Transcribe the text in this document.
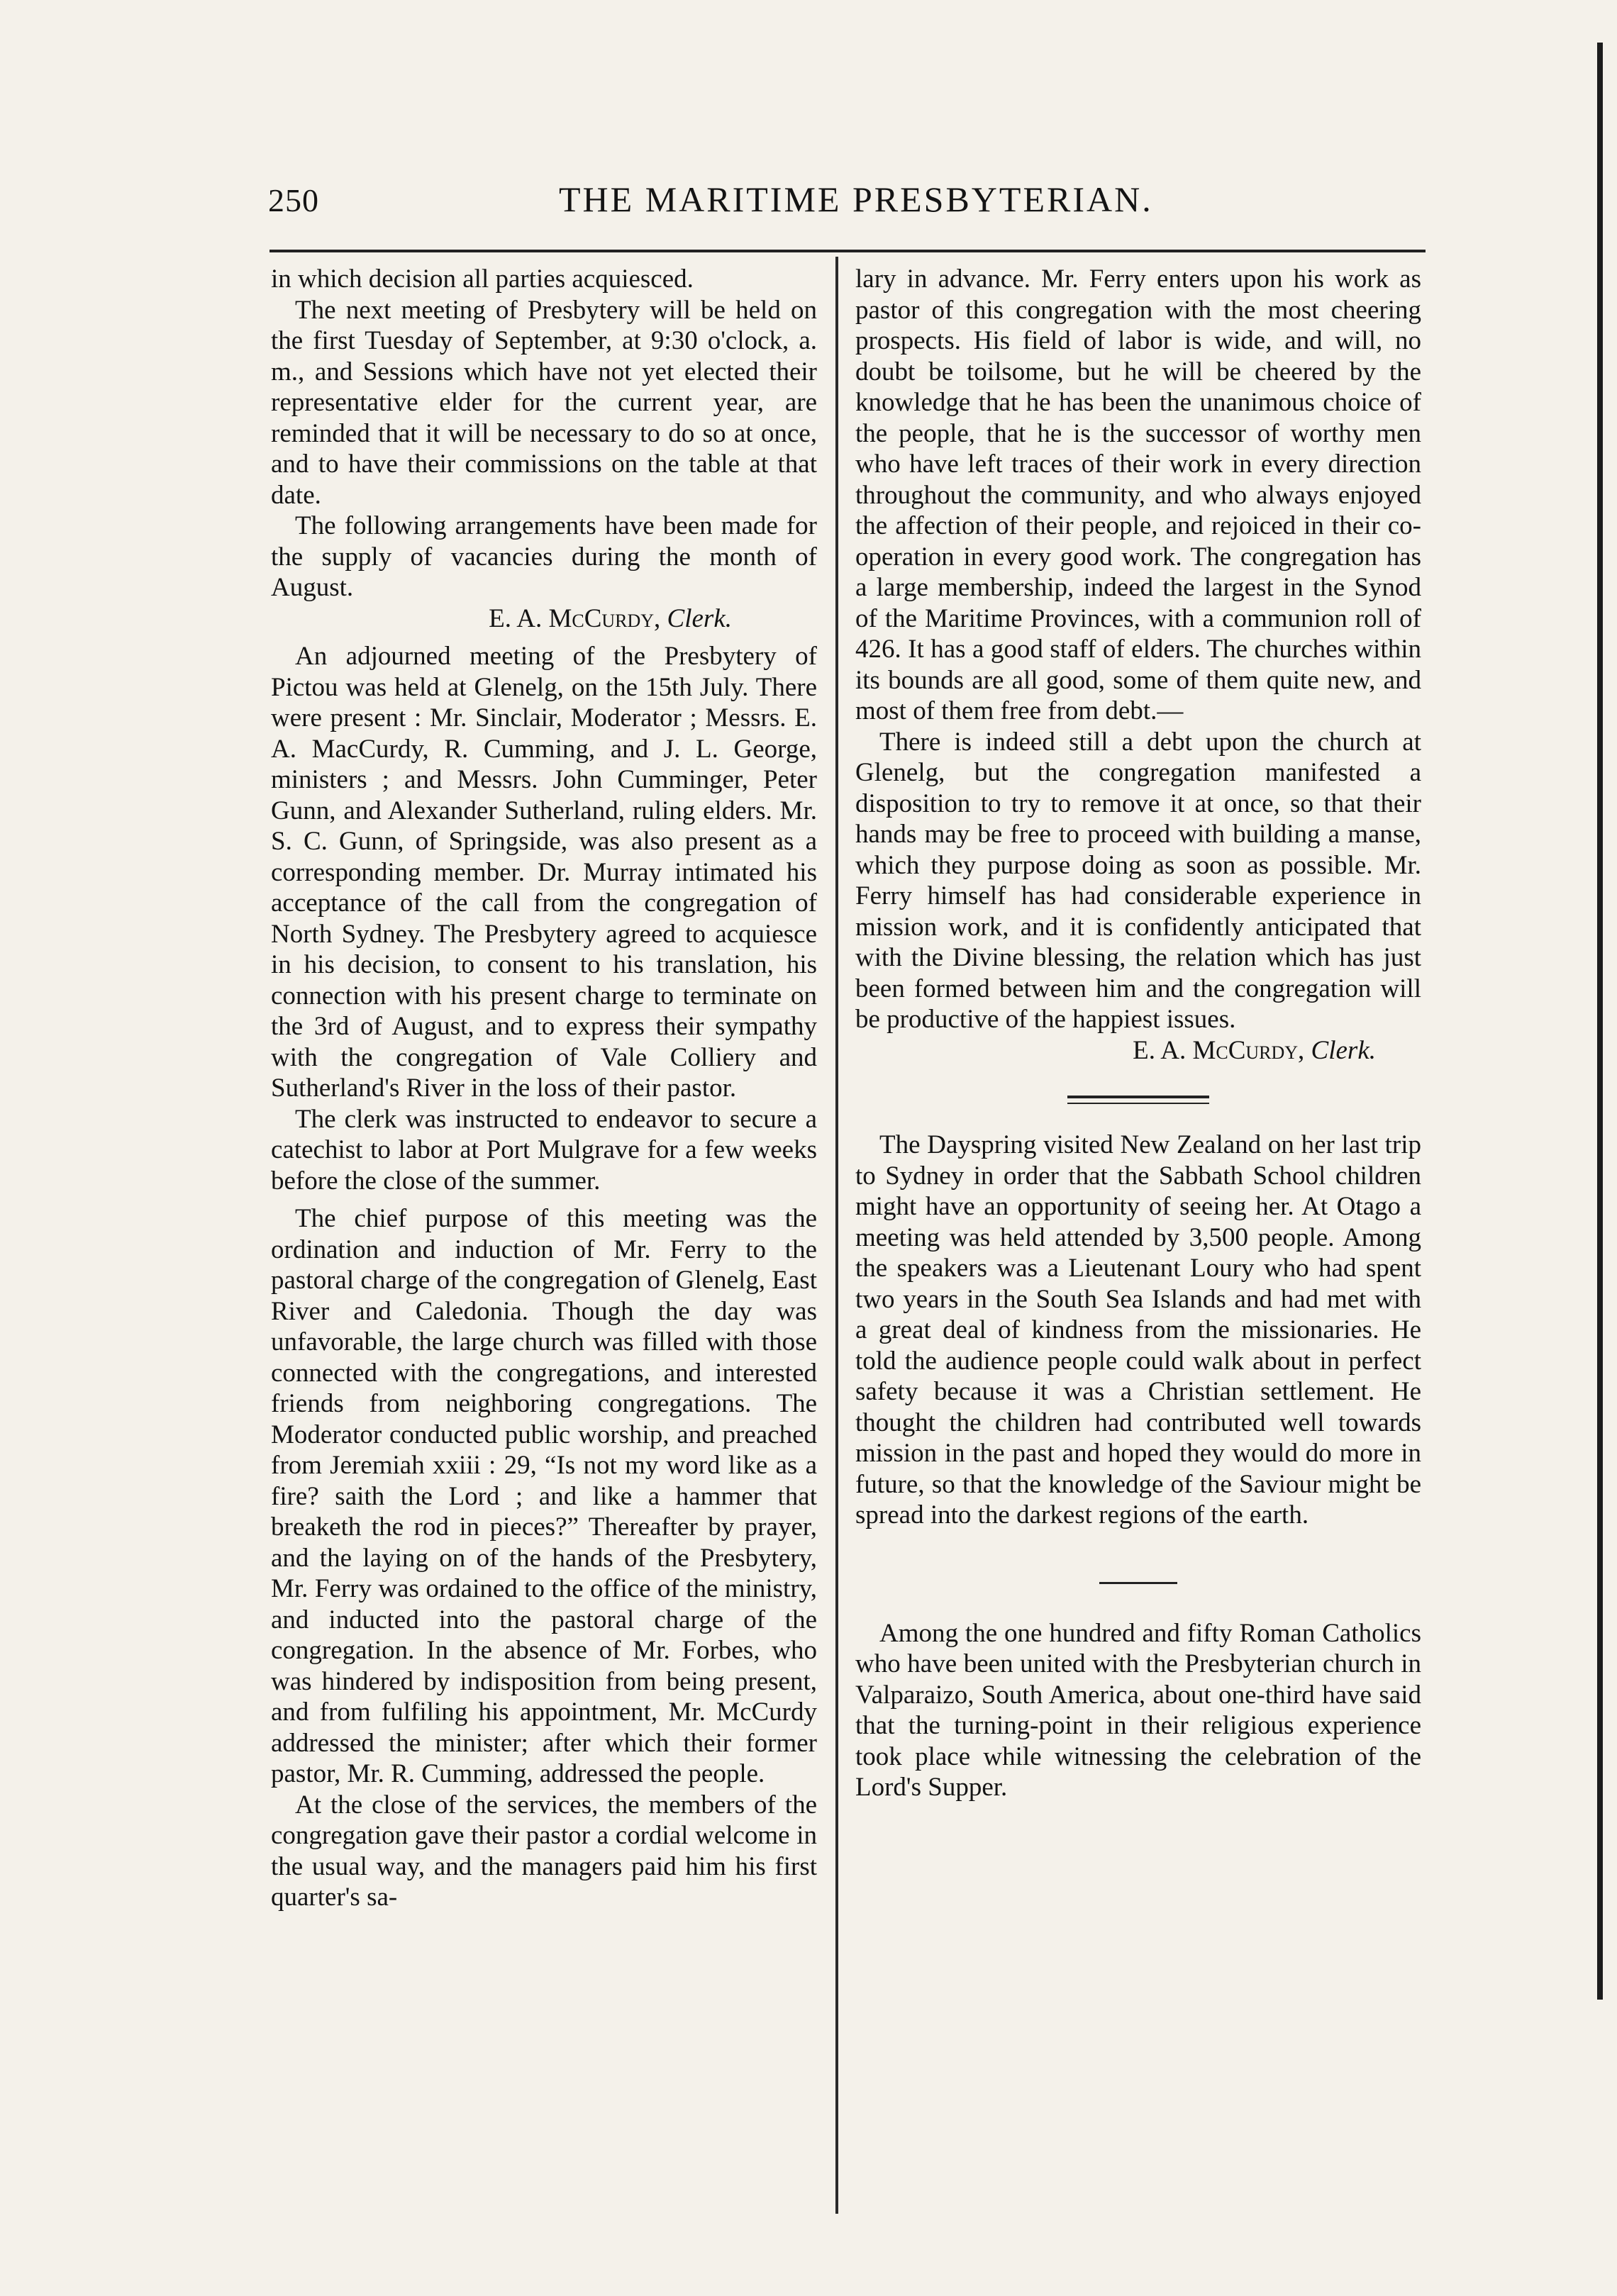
250	THE MARITIME PRESBYTERIAN.

in which decision all parties acquiesced.

The next meeting of Presbytery will be held on the first Tuesday of September, at 9:30 o'clock, a. m., and Sessions which have not yet elected their representative elder for the current year, are reminded that it will be necessary to do so at once, and to have their commissions on the table at that date.

The following arrangements have been made for the supply of vacancies during the month of August.

E. A. McCurdy, Clerk.

An adjourned meeting of the Presbytery of Pictou was held at Glenelg, on the 15th July. There were present : Mr. Sinclair, Moderator ; Messrs. E. A. MacCurdy, R. Cumming, and J. L. George, ministers ; and Messrs. John Cumminger, Peter Gunn, and Alexander Sutherland, ruling elders. Mr. S. C. Gunn, of Springside, was also present as a corresponding member. Dr. Murray intimated his acceptance of the call from the congregation of North Sydney. The Presbytery agreed to acquiesce in his decision, to consent to his translation, his connection with his present charge to terminate on the 3rd of August, and to express their sympathy with the congregation of Vale Colliery and Sutherland's River in the loss of their pastor.

The clerk was instructed to endeavor to secure a catechist to labor at Port Mulgrave for a few weeks before the close of the summer.

The chief purpose of this meeting was the ordination and induction of Mr. Ferry to the pastoral charge of the congregation of Glenelg, East River and Caledonia. Though the day was unfavorable, the large church was filled with those connected with the congregations, and interested friends from neighboring congregations. The Moderator conducted public worship, and preached from Jeremiah xxiii : 29, “Is not my word like as a fire? saith the Lord ; and like a hammer that breaketh the rod in pieces?” Thereafter by prayer, and the laying on of the hands of the Presbytery, Mr. Ferry was ordained to the office of the ministry, and inducted into the pastoral charge of the congregation. In the absence of Mr. Forbes, who was hindered by indisposition from being present, and from fulfiling his appointment, Mr. McCurdy addressed the minister; after which their former pastor, Mr. R. Cumming, addressed the people.

At the close of the services, the members of the congregation gave their pastor a cordial welcome in the usual way, and the managers paid him his first quarter's sa-

lary in advance. Mr. Ferry enters upon his work as pastor of this congregation with the most cheering prospects. His field of labor is wide, and will, no doubt be toilsome, but he will be cheered by the knowledge that he has been the unanimous choice of the people, that he is the successor of worthy men who have left traces of their work in every direction throughout the community, and who always enjoyed the affection of their people, and rejoiced in their co-operation in every good work. The congregation has a large membership, indeed the largest in the Synod of the Maritime Provinces, with a communion roll of 426. It has a good staff of elders. The churches within its bounds are all good, some of them quite new, and most of them free from debt.—

There is indeed still a debt upon the church at Glenelg, but the congregation manifested a disposition to try to remove it at once, so that their hands may be free to proceed with building a manse, which they purpose doing as soon as possible. Mr. Ferry himself has had considerable experience in mission work, and it is confidently anticipated that with the Divine blessing, the relation which has just been formed between him and the congregation will be productive of the happiest issues.

E. A. McCurdy, Clerk.

The Dayspring visited New Zealand on her last trip to Sydney in order that the Sabbath School children might have an opportunity of seeing her. At Otago a meeting was held attended by 3,500 people. Among the speakers was a Lieutenant Loury who had spent two years in the South Sea Islands and had met with a great deal of kindness from the missionaries. He told the audience people could walk about in perfect safety because it was a Christian settlement. He thought the children had contributed well towards mission in the past and hoped they would do more in future, so that the knowledge of the Saviour might be spread into the darkest regions of the earth.

Among the one hundred and fifty Roman Catholics who have been united with the Presbyterian church in Valparaizo, South America, about one-third have said that the turning-point in their religious experience took place while witnessing the celebration of the Lord's Supper.
